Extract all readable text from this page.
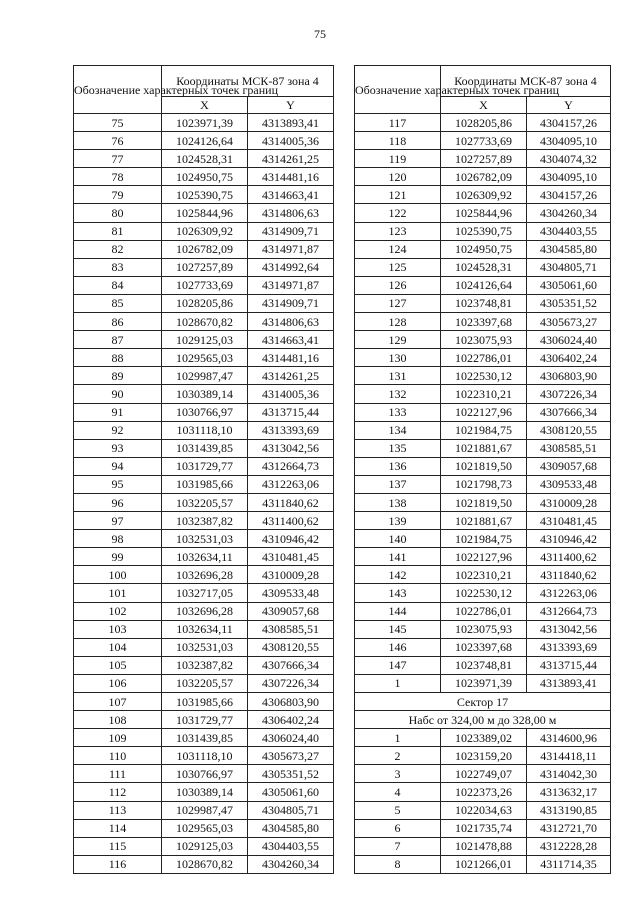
75
Обозначение характерных точек границ	Координаты МСК-87 зона 4	
	X	Y
75	1023971,39	4313893,41
76	1024126,64	4314005,36
77	1024528,31	4314261,25
78	1024950,75	4314481,16
79	1025390,75	4314663,41
80	1025844,96	4314806,63
81	1026309,92	4314909,71
82	1026782,09	4314971,87
83	1027257,89	4314992,64
84	1027733,69	4314971,87
85	1028205,86	4314909,71
86	1028670,82	4314806,63
87	1029125,03	4314663,41
88	1029565,03	4314481,16
89	1029987,47	4314261,25
90	1030389,14	4314005,36
91	1030766,97	4313715,44
92	1031118,10	4313393,69
93	1031439,85	4313042,56
94	1031729,77	4312664,73
95	1031985,66	4312263,06
96	1032205,57	4311840,62
97	1032387,82	4311400,62
98	1032531,03	4310946,42
99	1032634,11	4310481,45
100	1032696,28	4310009,28
101	1032717,05	4309533,48
102	1032696,28	4309057,68
103	1032634,11	4308585,51
104	1032531,03	4308120,55
105	1032387,82	4307666,34
106	1032205,57	4307226,34
107	1031985,66	4306803,90
108	1031729,77	4306402,24
109	1031439,85	4306024,40
110	1031118,10	4305673,27
111	1030766,97	4305351,52
112	1030389,14	4305061,60
113	1029987,47	4304805,71
114	1029565,03	4304585,80
115	1029125,03	4304403,55
116	1028670,82	4304260,34
Обозначение характерных точек границ	Координаты МСК-87 зона 4	
	X	Y
117	1028205,86	4304157,26
118	1027733,69	4304095,10
119	1027257,89	4304074,32
120	1026782,09	4304095,10
121	1026309,92	4304157,26
122	1025844,96	4304260,34
123	1025390,75	4304403,55
124	1024950,75	4304585,80
125	1024528,31	4304805,71
126	1024126,64	4305061,60
127	1023748,81	4305351,52
128	1023397,68	4305673,27
129	1023075,93	4306024,40
130	1022786,01	4306402,24
131	1022530,12	4306803,90
132	1022310,21	4307226,34
133	1022127,96	4307666,34
134	1021984,75	4308120,55
135	1021881,67	4308585,51
136	1021819,50	4309057,68
137	1021798,73	4309533,48
138	1021819,50	4310009,28
139	1021881,67	4310481,45
140	1021984,75	4310946,42
141	1022127,96	4311400,62
142	1022310,21	4311840,62
143	1022530,12	4312263,06
144	1022786,01	4312664,73
145	1023075,93	4313042,56
146	1023397,68	4313393,69
147	1023748,81	4313715,44
1	1023971,39	4313893,41
Сектор 17		
Набс от 324,00 м до 328,00 м		
1	1023389,02	4314600,96
2	1023159,20	4314418,11
3	1022749,07	4314042,30
4	1022373,26	4313632,17
5	1022034,63	4313190,85
6	1021735,74	4312721,70
7	1021478,88	4312228,28
8	1021266,01	4311714,35
